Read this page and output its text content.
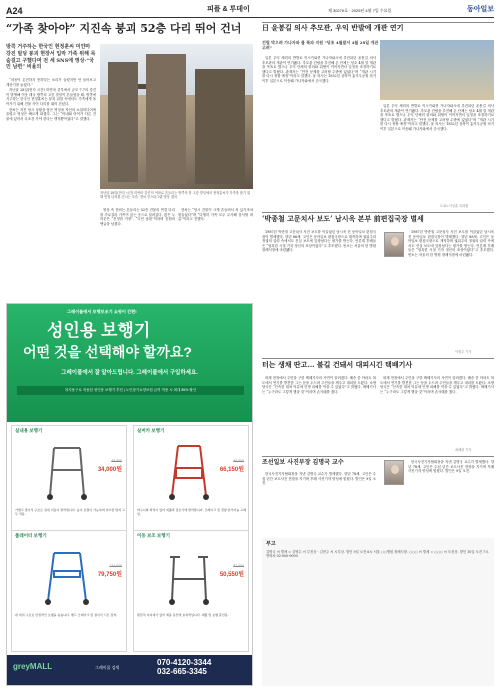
A24	피플 & 투데이	제 30270호 · 2025년 4월 7일 수요일	동아일보
“가족 찾아야” 지진속 붕괴 52층 다리 뛰어 건너
방콕 거주하는 한국인 현정훈씨 미얀마 강진 빌딩 붕괴 현장서 입막 가족 위해 목숨걸고 구했다며 전 세 SNS에 영상·“국민 남편” 비율의
지난달 28일(현지 시간) 미얀마 강진의 여파로 흔들리는 방콕의 한 고층 빌딩에서 현정훈씨가 가족을 찾기 위해 연결 다리를 건너는 모습. 현씨 인스타그램 영상 캡처

“마음이 온전하지 못하다는 소리가 들렸지만 안 들어보고 계산기를 눌렀다.”

지난달 28일(현지 시간) 미얀마 중부에서 규모 7.7의 강진이 발생해 이웃 태국 방콕의 고층 빌딩이 흔들렸을 때, 방콕에 거주하는 한국인 현정훈씨는 붕괴 위험 속에서도 가족에게 돌아가기 위해 건물 사이 다리를 뛰어 건넜다.

현씨는 지진 당시 상황을 담은 영상을 자신의 소셜미디어에 올렸고 영상은 빠르게 퍼졌다. 그는 “아내와 아이가 다른 건물에 있어서 무조건 가야 한다는 생각뿐이었다”고 말했다.

영상 속 현씨는 흔들리는 52층 건물의 연결 다리를 가로질러 가족이 있는 곳으로 달려갔다. 많은 누리꾼은 “진정한 가장”, “국민 남편”이라며 응원의 댓글을 남겼다.

현씨는 “당시 건물이 크게 흔들려서 서 있기조차 힘들었다”며 “다행히 가족 모두 무사해 감사할 따름”이라고 전했다.

그레이몰에서 보행보조기 쇼핑이 간편!
성인용 보행기
어떤 것을 선택해야 할까요?
그레이몰에서 잘 알아드립니다. 그레이몰에서 구입하세요.
복지용구로 적용된 성인용 보행기 추천 | 노인장기요양보험 급여 적용 시 최대 85% 할인
실내용 보행기
49,800
34,000원
가볍고 접이식 구조로 실내 이동이 편리합니다. 높이 조절이 가능하며 미끄럼 방지 고무 적용.
실버카 보행기
98,000
66,150원
바구니와 좌석이 있어 외출과 장보기에 편리합니다. 브레이크 및 경량 알루미늄 프레임.
롤레이터 보행기
124,000
79,750원
네 바퀴 구조로 안정적인 보행을 돕습니다. 핸드 브레이크 및 접이식 시트 장착.
이동 보조 보행기
82,000
50,550원
팔꿈치 지지대가 있어 체중 분산에 효과적입니다. 재활 및 보행 훈련용.
greyMALL	그레이몰 검색
070-4120-3344
032-665-3345
日 윤봉길 의사 추모관, 우익 반발에 개관 연기
건립 막으려 가나자와 불 폭파 지원 “당초 4월말서 4월 28일 개관 고려”

일본 우익 세력의 반발로 이시카와현 가나자와시에 추진되던 윤봉길 의사 추모관의 개관이 연기됐다. 추모관 건립을 추진해 온 단체는 당초 4월 말 개관을 목표로 했으나 우익 단체의 항의와 위협이 이어지면서 일정을 조정하기로 했다고 밝혔다. 관계자는 “안전 문제를 고려할 수밖에 없었다”며 “개관 시기를 다시 정할 예정”이라고 말했다. 윤 의사는 1932년 상하이 훙커우공원 의거 이후 일본으로 이송돼 가나자와에서 순국했다.

일본 우익 세력의 반발로 이시카와현 가나자와시에 추진되던 윤봉길 의사 추모관의 개관이 연기됐다. 추모관 건립을 추진해 온 단체는 당초 4월 말 개관을 목표로 했으나 우익 단체의 항의와 위협이 이어지면서 일정을 조정하기로 했다고 밝혔다. 관계자는 “안전 문제를 고려할 수밖에 없었다”며 “개관 시기를 다시 정할 예정”이라고 말했다. 윤 의사는 1932년 상하이 훙커우공원 의거 이후 일본으로 이송돼 가나자와에서 순국했다.

도쿄=이상훈 특파원
‘박종철 고문치사 보도’ 남시욱 본부 前편집국장 별세

1987년 박종철 고문치사 사건 보도를 이끌었던 남시욱 전 동아일보 편집국장이 별세했다. 향년 88세. 고인은 동아일보 편집국장으로 재직하며 권위주의 정권의 압력 속에서도 진실 보도에 앞장섰다는 평가를 받는다. 언론계 후배들은 “엄혹한 시절 기자 정신의 표상이었다”고 추모했다. 빈소는 서울의 한 병원 장례식장에 마련됐다.

1987년 박종철 고문치사 사건 보도를 이끌었던 남시욱 전 동아일보 편집국장이 별세했다. 향년 88세. 고인은 동아일보 편집국장으로 재직하며 권위주의 정권의 압력 속에서도 진실 보도에 앞장섰다는 평가를 받는다. 언론계 후배들은 “엄혹한 시절 기자 정신의 표상이었다”고 추모했다. 빈소는 서울의 한 병원 장례식장에 마련됐다.

이원주 기자
터는 생채 딴고… 불길 건돼서 대피시긴 택배기사

화재 현장에서 주민을 구한 택배기사의 사연이 알려졌다. 배송 중 아파트 복도에서 연기를 발견한 그는 문을 두드려 주민들을 깨우고 대피를 도왔다. 소방당국은 “신속한 대처 덕분에 인명 피해를 막을 수 있었다”고 밝혔다. 택배기사는 “누구라도 그렇게 했을 것”이라며 손사래를 쳤다.

화재 현장에서 주민을 구한 택배기사의 사연이 알려졌다. 배송 중 아파트 복도에서 연기를 발견한 그는 문을 두드려 주민들을 깨우고 대피를 도왔다. 소방당국은 “신속한 대처 덕분에 인명 피해를 막을 수 있었다”고 밝혔다. 택배기사는 “누구라도 그렇게 했을 것”이라며 손사래를 쳤다.

최혜령 기자
조선일보 사진부장 김명국 교수

한국사진기자협회장을 지낸 김명국 교수가 별세했다. 향년 78세. 고인은 수십 년간 보도사진 현장을 지키며 후배 사진기자 양성에 힘썼다. 발인은 9일 오전.

한국사진기자협회장을 지낸 김명국 교수가 별세했다. 향년 78세. 고인은 수십 년간 보도사진 현장을 지키며 후배 사진기자 양성에 힘썼다. 발인은 9일 오전.

부고
김명국 씨 별세 = 김영수 씨 부친상 · 김현주 씨 시부상. 발인 9일 오전 6시 서울 ○○병원 장례식장. ○○○ 씨 별세 = ○○○ 씨 모친상. 발인 10일 오전 7시. 연락처 02-000-0000
